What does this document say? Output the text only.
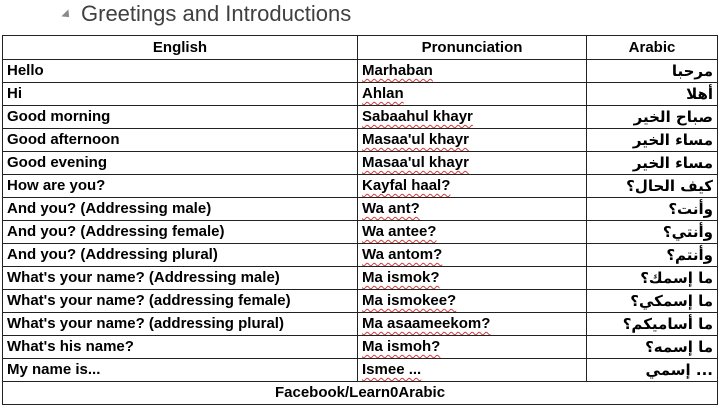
Greetings and Introductions
English	Pronunciation	Arabic
Hello	Marhaban	مرحبا
Hi	Ahlan	أهلا
Good morning	Sabaahul khayr	صباح الخير
Good afternoon	Masaa'ul khayr	مساء الخير
Good evening	Masaa'ul khayr	مساء الخير
How are you?	Kayfal haal?	كيف الحال؟
And you? (Addressing male)	Wa ant?	وأنت؟
And you? (Addressing female)	Wa antee?	وأنتي؟
And you? (Addressing plural)	Wa antom?	وأنتم؟
What's your name? (Addressing male)	Ma ismok?	ما إسمك؟
What's your name? (addressing female)	Ma ismokee?	ما إسمكي؟
What's your name? (addressing plural)	Ma asaameekom?	ما أساميكم؟
What's his name?	Ma ismoh?	ما إسمه؟
My name is...	Ismee ...	... إسمي
Facebook/Learn0Arabic		
